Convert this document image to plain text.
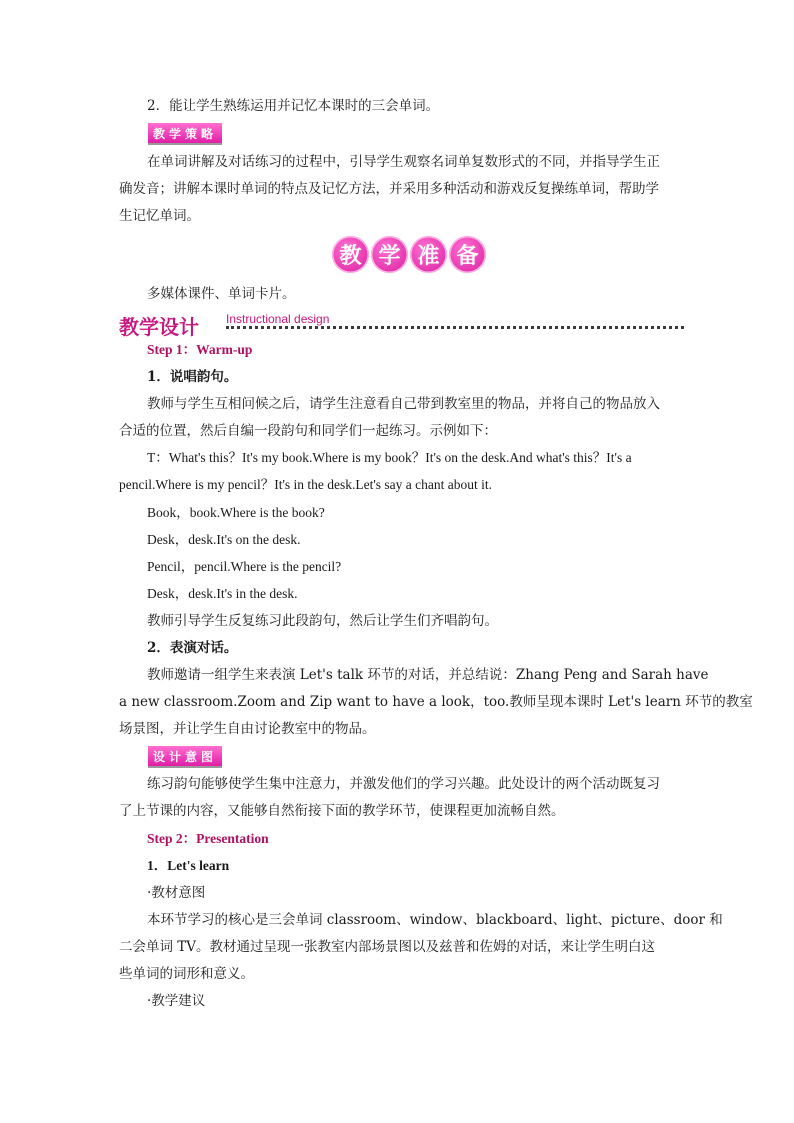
2．能让学生熟练运用并记忆本课时的三会单词。
教学策略
在单词讲解及对话练习的过程中，引导学生观察名词单复数形式的不同，并指导学生正
确发音；讲解本课时单词的特点及记忆方法，并采用多种活动和游戏反复操练单词，帮助学
生记忆单词。
教 学 准 备
多媒体课件、单词卡片。
教学设计 Instructional design
Step 1：Warm-up
1．说唱韵句。
教师与学生互相问候之后，请学生注意看自己带到教室里的物品，并将自己的物品放入
合适的位置，然后自编一段韵句和同学们一起练习。示例如下：
T：What's this？It's my book.Where is my book？It's on the desk.And what's this？It's a
pencil.Where is my pencil？It's in the desk.Let's say a chant about it.
Book，book.Where is the book?
Desk，desk.It's on the desk.
Pencil，pencil.Where is the pencil?
Desk，desk.It's in the desk.
教师引导学生反复练习此段韵句，然后让学生们齐唱韵句。
2．表演对话。
教师邀请一组学生来表演 Let's talk 环节的对话，并总结说：Zhang Peng and Sarah have
a new classroom.Zoom and Zip want to have a look，too.教师呈现本课时 Let's learn 环节的教室
场景图，并让学生自由讨论教室中的物品。
设计意图
练习韵句能够使学生集中注意力，并激发他们的学习兴趣。此处设计的两个活动既复习
了上节课的内容，又能够自然衔接下面的教学环节，使课程更加流畅自然。
Step 2：Presentation
1．Let's learn
·教材意图
本环节学习的核心是三会单词 classroom、window、blackboard、light、picture、door 和
二会单词 TV。教材通过呈现一张教室内部场景图以及兹普和佐姆的对话，来让学生明白这
些单词的词形和意义。
·教学建议
